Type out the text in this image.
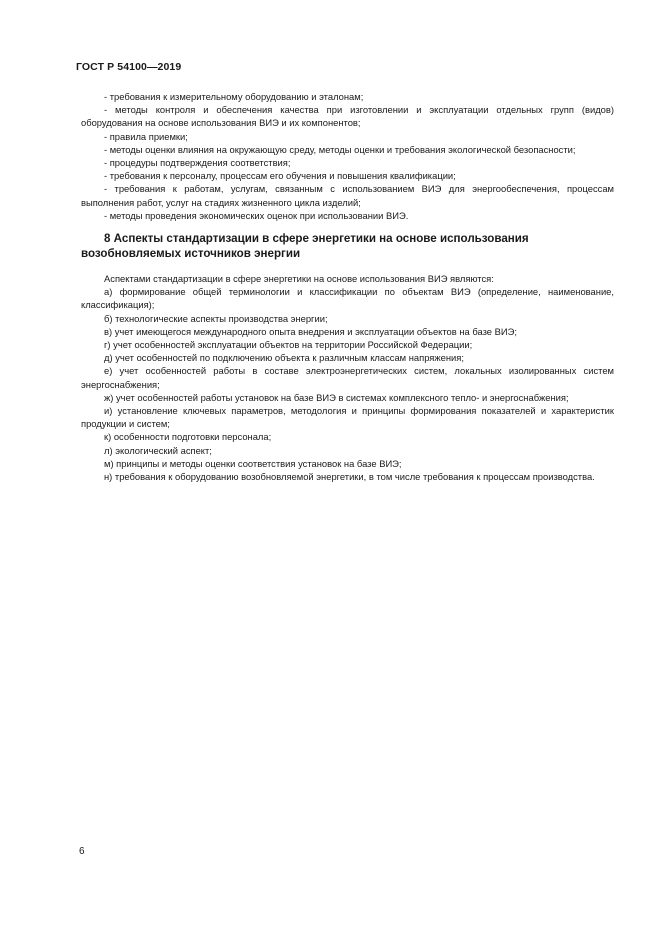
ГОСТ Р 54100—2019

- требования к измерительному оборудованию и эталонам;

- методы контроля и обеспечения качества при изготовлении и эксплуатации отдельных групп (видов) оборудования на основе использования ВИЭ и их компонентов;

- правила приемки;

- методы оценки влияния на окружающую среду, методы оценки и требования экологической безопасности;

- процедуры подтверждения соответствия;

- требования к персоналу, процессам его обучения и повышения квалификации;

- требования к работам, услугам, связанным с использованием ВИЭ для энергообеспечения, процессам выполнения работ, услуг на стадиях жизненного цикла изделий;

- методы проведения экономических оценок при использовании ВИЭ.

8 Аспекты стандартизации в сфере энергетики на основе использования возобновляемых источников энергии

Аспектами стандартизации в сфере энергетики на основе использования ВИЭ являются:

а) формирование общей терминологии и классификации по объектам ВИЭ (определение, наименование, классификация);

б) технологические аспекты производства энергии;

в) учет имеющегося международного опыта внедрения и эксплуатации объектов на базе ВИЭ;

г) учет особенностей эксплуатации объектов на территории Российской Федерации;

д) учет особенностей по подключению объекта к различным классам напряжения;

е) учет особенностей работы в составе электроэнергетических систем, локальных изолированных систем энергоснабжения;

ж) учет особенностей работы установок на базе ВИЭ в системах комплексного тепло- и энергоснабжения;

и) установление ключевых параметров, методология и принципы формирования показателей и характеристик продукции и систем;

к) особенности подготовки персонала;

л) экологический аспект;

м) принципы и методы оценки соответствия установок на базе ВИЭ;

н) требования к оборудованию возобновляемой энергетики, в том числе требования к процессам производства.

6
